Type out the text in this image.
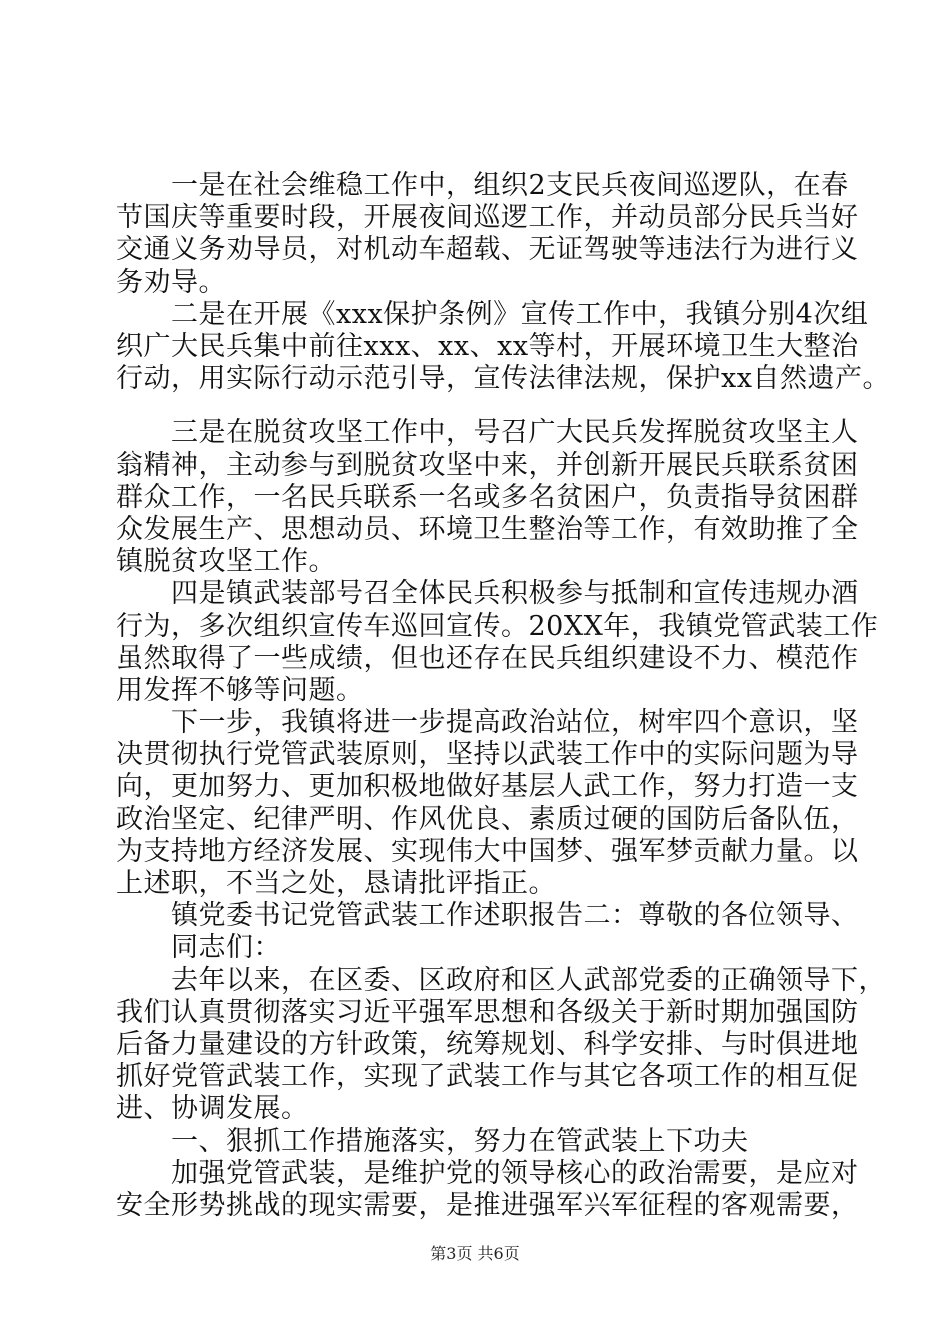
　　一是在社会维稳工作中，组织2支民兵夜间巡逻队，在春
节国庆等重要时段，开展夜间巡逻工作，并动员部分民兵当好
交通义务劝导员，对机动车超载、无证驾驶等违法行为进行义
务劝导。
　　二是在开展《xxx保护条例》宣传工作中，我镇分别4次组
织广大民兵集中前往xxx、xx、xx等村，开展环境卫生大整治
行动，用实际行动示范引导，宣传法律法规，保护xx自然遗产。
　　三是在脱贫攻坚工作中，号召广大民兵发挥脱贫攻坚主人
翁精神，主动参与到脱贫攻坚中来，并创新开展民兵联系贫困
群众工作，一名民兵联系一名或多名贫困户，负责指导贫困群
众发展生产、思想动员、环境卫生整治等工作，有效助推了全
镇脱贫攻坚工作。
　　四是镇武装部号召全体民兵积极参与抵制和宣传违规办酒
行为，多次组织宣传车巡回宣传。20XX年，我镇党管武装工作
虽然取得了一些成绩，但也还存在民兵组织建设不力、模范作
用发挥不够等问题。
　　下一步，我镇将进一步提高政治站位，树牢四个意识，坚
决贯彻执行党管武装原则，坚持以武装工作中的实际问题为导
向，更加努力、更加积极地做好基层人武工作，努力打造一支
政治坚定、纪律严明、作风优良、素质过硬的国防后备队伍，
为支持地方经济发展、实现伟大中国梦、强军梦贡献力量。以
上述职，不当之处，恳请批评指正。
　　镇党委书记党管武装工作述职报告二：尊敬的各位领导、
　　同志们：
　　去年以来，在区委、区政府和区人武部党委的正确领导下，
我们认真贯彻落实习近平强军思想和各级关于新时期加强国防
后备力量建设的方针政策，统筹规划、科学安排、与时俱进地
抓好党管武装工作，实现了武装工作与其它各项工作的相互促
进、协调发展。
　　一、狠抓工作措施落实，努力在管武装上下功夫
　　加强党管武装，是维护党的领导核心的政治需要，是应对
安全形势挑战的现实需要，是推进强军兴军征程的客观需要，
第3页 共6页
